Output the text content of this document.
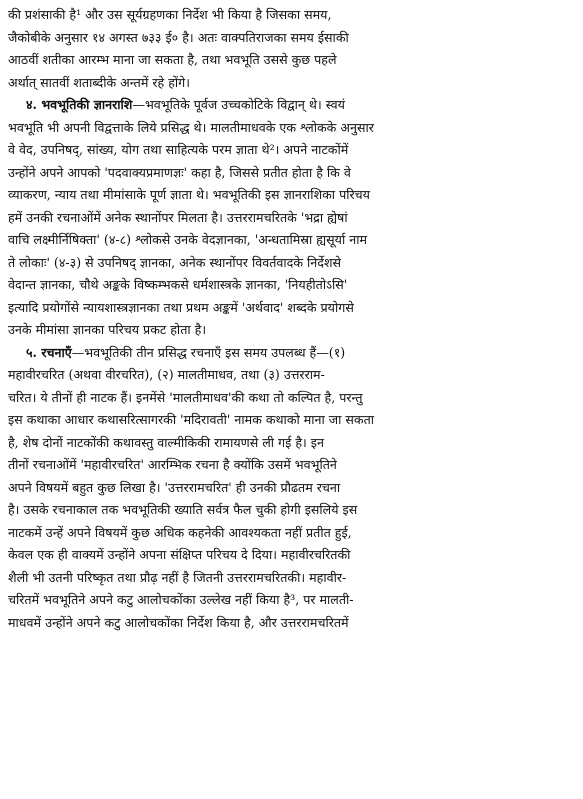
की प्रशंसाकी है¹ और उस सूर्यग्रहणका निर्देश भी किया है जिसका समय,
जैकोबीके अनुसार १४ अगस्त ७३३ ई० है। अतः वाक्पतिराजका समय ईसाकी
आठवीं शतीका आरम्भ माना जा सकता है, तथा भवभूति उससे कुछ पहले
अर्थात् सातवीं शताब्दीके अन्तमें रहे होंगे।
४. भवभूतिकी ज्ञानराशि—भवभूतिके पूर्वज उच्चकोटिके विद्वान् थे। स्वयं
भवभूति भी अपनी विद्वत्ताके लिये प्रसिद्ध थे। मालतीमाधवके एक श्लोकके अनुसार
वे वेद, उपनिषद्, सांख्य, योग तथा साहित्यके परम ज्ञाता थे²। अपने नाटकोंमें
उन्होंने अपने आपको 'पदवाक्यप्रमाणज्ञः' कहा है, जिससे प्रतीत होता है कि वे
व्याकरण, न्याय तथा मीमांसाके पूर्ण ज्ञाता थे। भवभूतिकी इस ज्ञानराशिका परिचय
हमें उनकी रचनाओंमें अनेक स्थानोंपर मिलता है। उत्तररामचरितके 'भद्रा ह्येषां
वाचि लक्ष्मीर्निषिक्ता' (४-८) श्लोकसे उनके वेदज्ञानका, 'अन्धतामिस्रा ह्यसूर्या नाम
ते लोकाः' (४-३) से उपनिषद् ज्ञानका, अनेक स्थानोंपर विवर्तवादके निर्देशसे
वेदान्त ज्ञानका, चौथे अङ्कके विष्कम्भकसे धर्मशास्त्रके ज्ञानका, 'नियहीतोऽसि'
इत्यादि प्रयोगोंसे न्यायशास्त्रज्ञानका तथा प्रथम अङ्कमें 'अर्थवाद' शब्दके प्रयोगसे
उनके मीमांसा ज्ञानका परिचय प्रकट होता है।
५. रचनाएँ—भवभूतिकी तीन प्रसिद्ध रचनाएँ इस समय उपलब्ध हैं—(१)
महावीरचरित (अथवा वीरचरित), (२) मालतीमाधव, तथा (३) उत्तरराम-
चरित। ये तीनों ही नाटक हैं। इनमेंसे 'मालतीमाधव'की कथा तो कल्पित है, परन्तु
इस कथाका आधार कथासरित्सागरकी 'मदिरावती' नामक कथाको माना जा सकता
है, शेष दोनों नाटकोंकी कथावस्तु वाल्मीकिकी रामायणसे ली गई है। इन
तीनों रचनाओंमें 'महावीरचरित' आरम्भिक रचना है क्योंकि उसमें भवभूतिने
अपने विषयमें बहुत कुछ लिखा है। 'उत्तररामचरित' ही उनकी प्रौढतम रचना
है। उसके रचनाकाल तक भवभूतिकी ख्याति सर्वत्र फैल चुकी होगी इसलिये इस
नाटकमें उन्हें अपने विषयमें कुछ अधिक कहनेकी आवश्यकता नहीं प्रतीत हुई,
केवल एक ही वाक्यमें उन्होंने अपना संक्षिप्त परिचय दे दिया। महावीरचरितकी
शैली भी उतनी परिष्कृत तथा प्रौढ़ नहीं है जितनी उत्तररामचरितकी। महावीर-
चरितमें भवभूतिने अपने कटु आलोचकोंका उल्लेख नहीं किया है³, पर मालती-
माधवमें उन्होंने अपने कटु आलोचकोंका निर्देश किया है, और उत्तररामचरितमें
